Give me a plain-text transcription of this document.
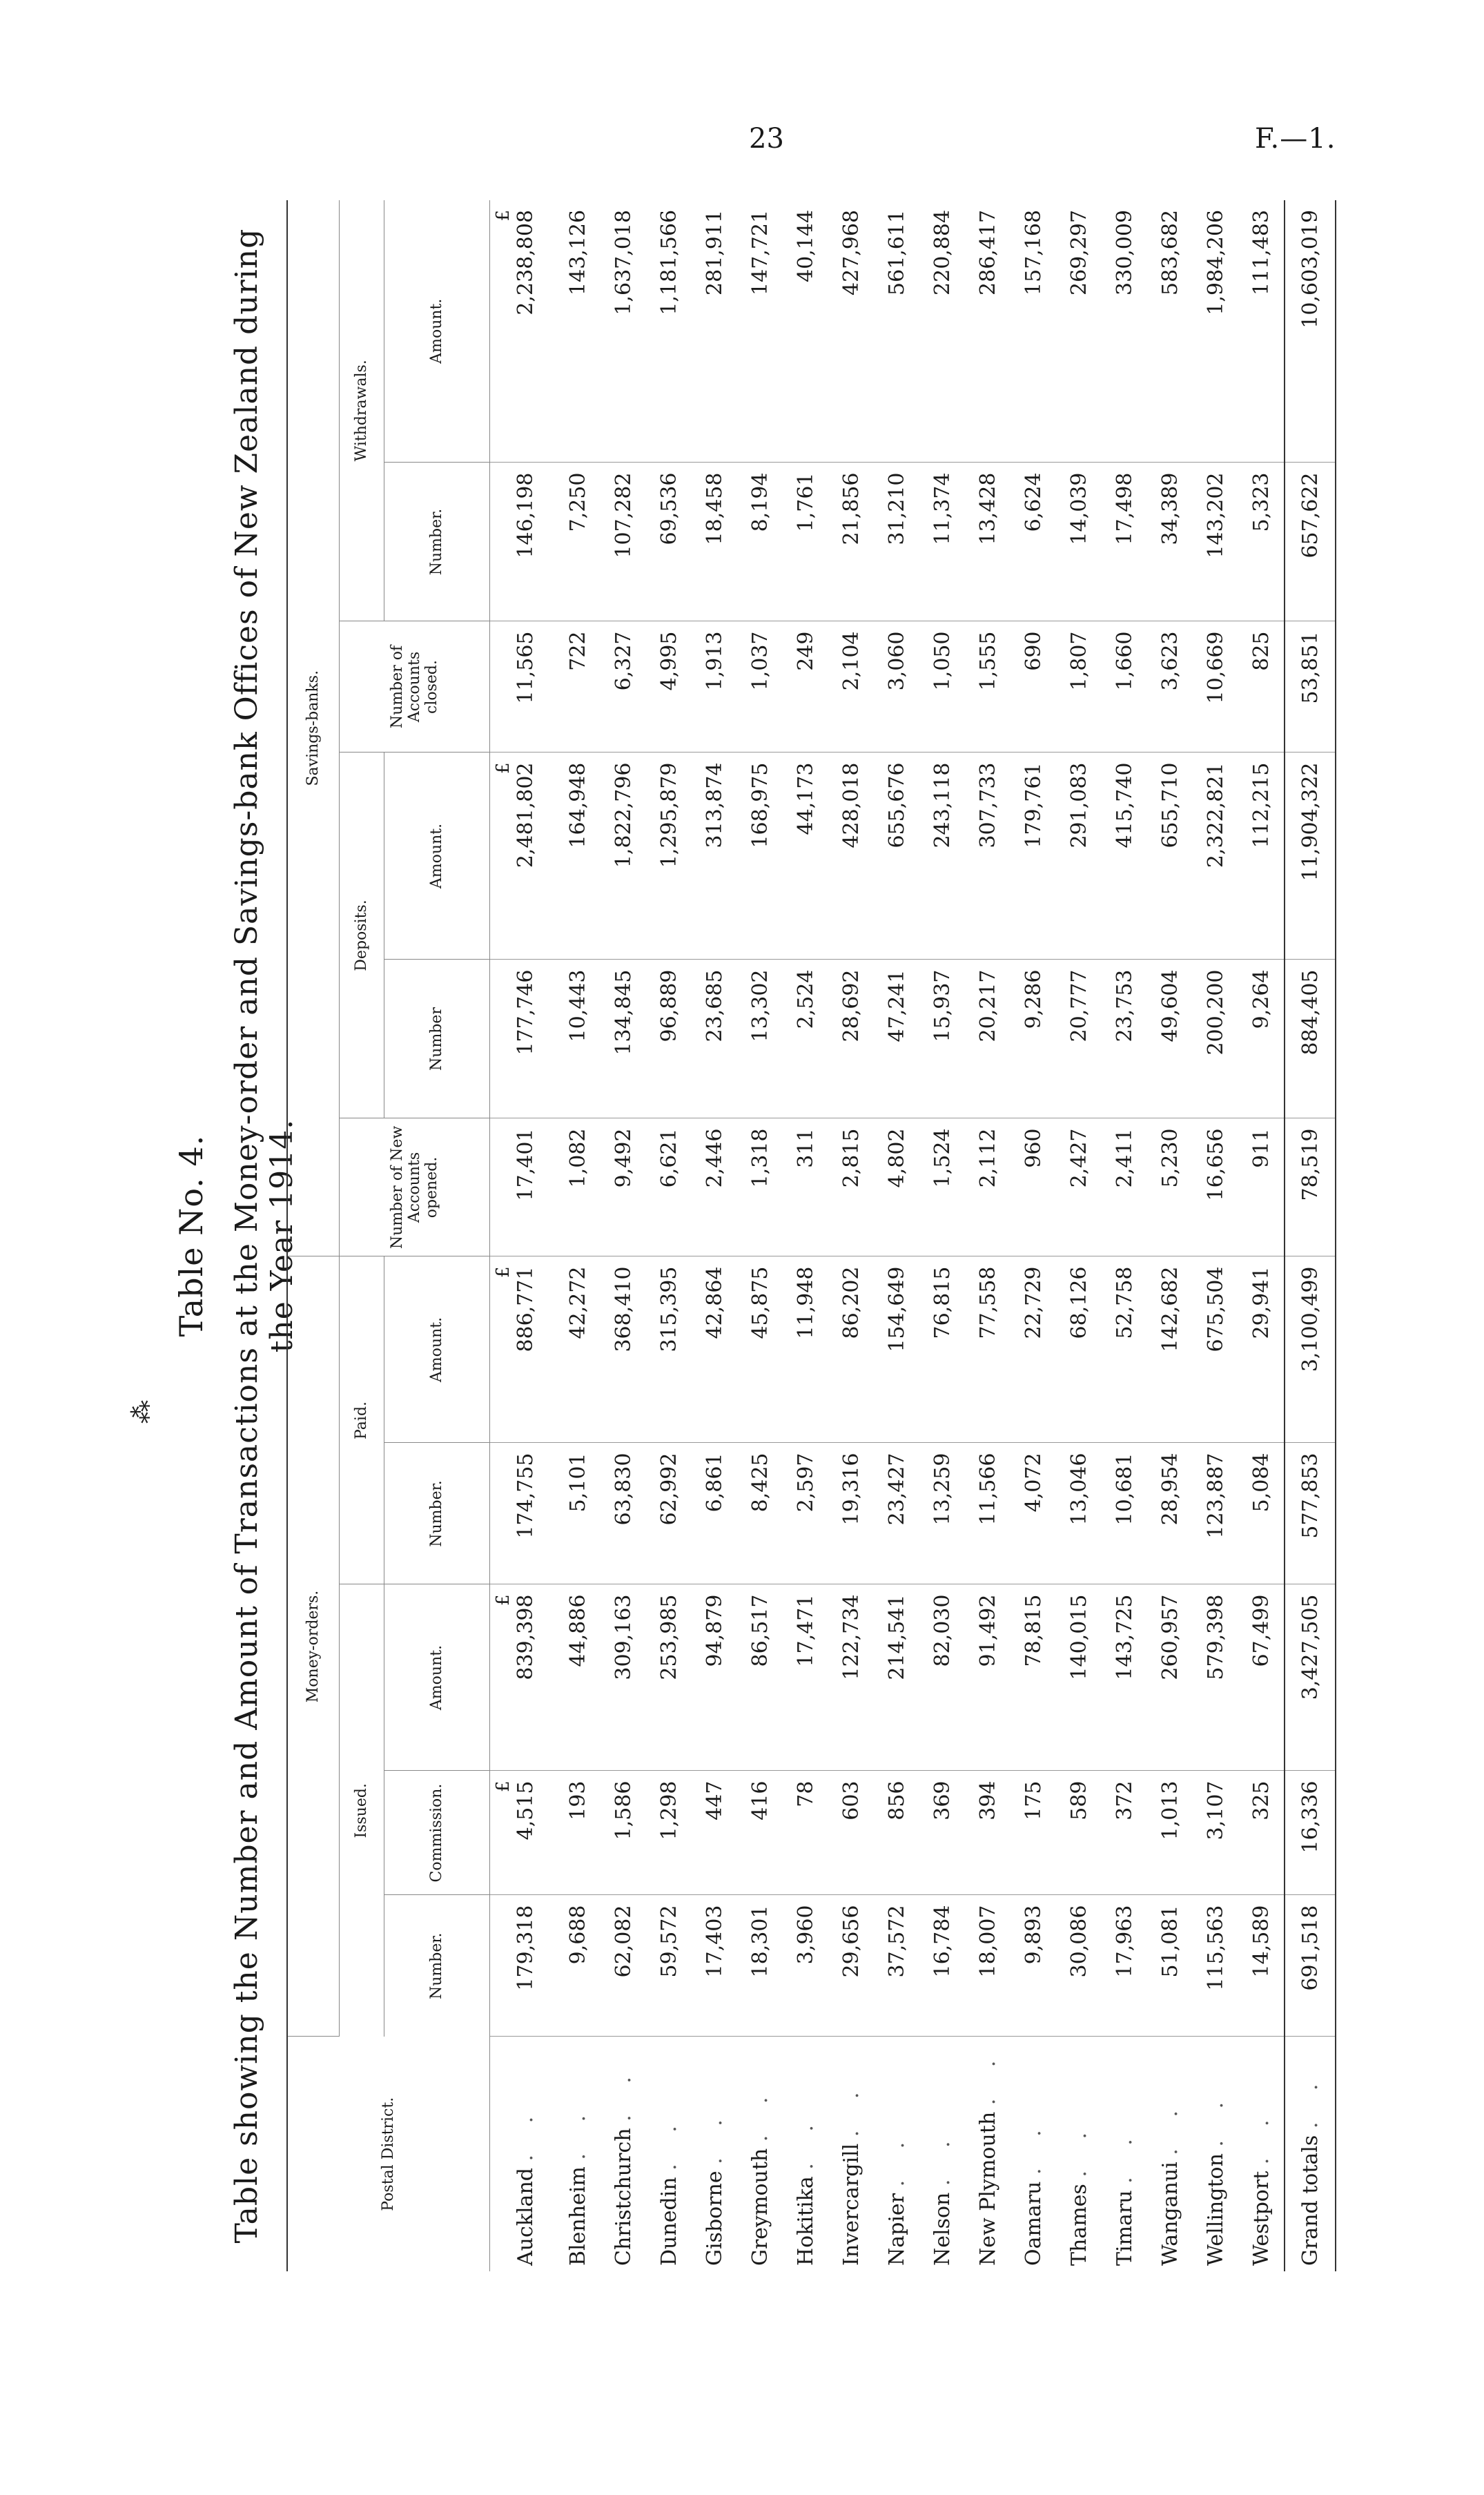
23	F.—1.
⁂
Table No. 4. Table showing the Number and Amount of Transactions at the Money-order and Savings-bank Offices of New Zealand during the Year 1914.
Postal District.	Money-orders.					Savings-banks.					
	Issued.			Paid.		Number of New Accounts opened.	Deposits.		Number of Accounts closed.	Withdrawals.	
	Number.	Commission.	Amount.	Number.	Amount.		Number	Amount.		Number.	Amount.
		£	£		£			£			£
Auckland . .	179,318	4,515	839,398	174,755	886,771	17,401	177,746	2,481,802	11,565	146,198	2,238,808
Blenheim . .	9,688	193	44,886	5,101	42,272	1,082	10,443	164,948	722	7,250	143,126
Christchurch . .	62,082	1,586	309,163	63,830	368,410	9,492	134,845	1,822,796	6,327	107,282	1,637,018
Dunedin . .	59,572	1,298	253,985	62,992	315,395	6,621	96,889	1,295,879	4,995	69,536	1,181,566
Gisborne . .	17,403	447	94,879	6,861	42,864	2,446	23,685	313,874	1,913	18,458	281,911
Greymouth . .	18,301	416	86,517	8,425	45,875	1,318	13,302	168,975	1,037	8,194	147,721
Hokitika . .	3,960	78	17,471	2,597	11,948	311	2,524	44,173	249	1,761	40,144
Invercargill . .	29,656	603	122,734	19,316	86,202	2,815	28,692	428,018	2,104	21,856	427,968
Napier . .	37,572	856	214,541	23,427	154,649	4,802	47,241	655,676	3,060	31,210	561,611
Nelson . .	16,784	369	82,030	13,259	76,815	1,524	15,937	243,118	1,050	11,374	220,884
New Plymouth . .	18,007	394	91,492	11,566	77,558	2,112	20,217	307,733	1,555	13,428	286,417
Oamaru . .	9,893	175	78,815	4,072	22,729	960	9,286	179,761	690	6,624	157,168
Thames . .	30,086	589	140,015	13,046	68,126	2,427	20,777	291,083	1,807	14,039	269,297
Timaru . .	17,963	372	143,725	10,681	52,758	2,411	23,753	415,740	1,660	17,498	330,009
Wanganui . .	51,081	1,013	260,957	28,954	142,682	5,230	49,604	655,710	3,623	34,389	583,682
Wellington . .	115,563	3,107	579,398	123,887	675,504	16,656	200,200	2,322,821	10,669	143,202	1,984,206
Westport . .	14,589	325	67,499	5,084	29,941	911	9,264	112,215	825	5,323	111,483
Grand totals . .	691,518	16,336	3,427,505	577,853	3,100,499	78,519	884,405	11,904,322	53,851	657,622	10,603,019
